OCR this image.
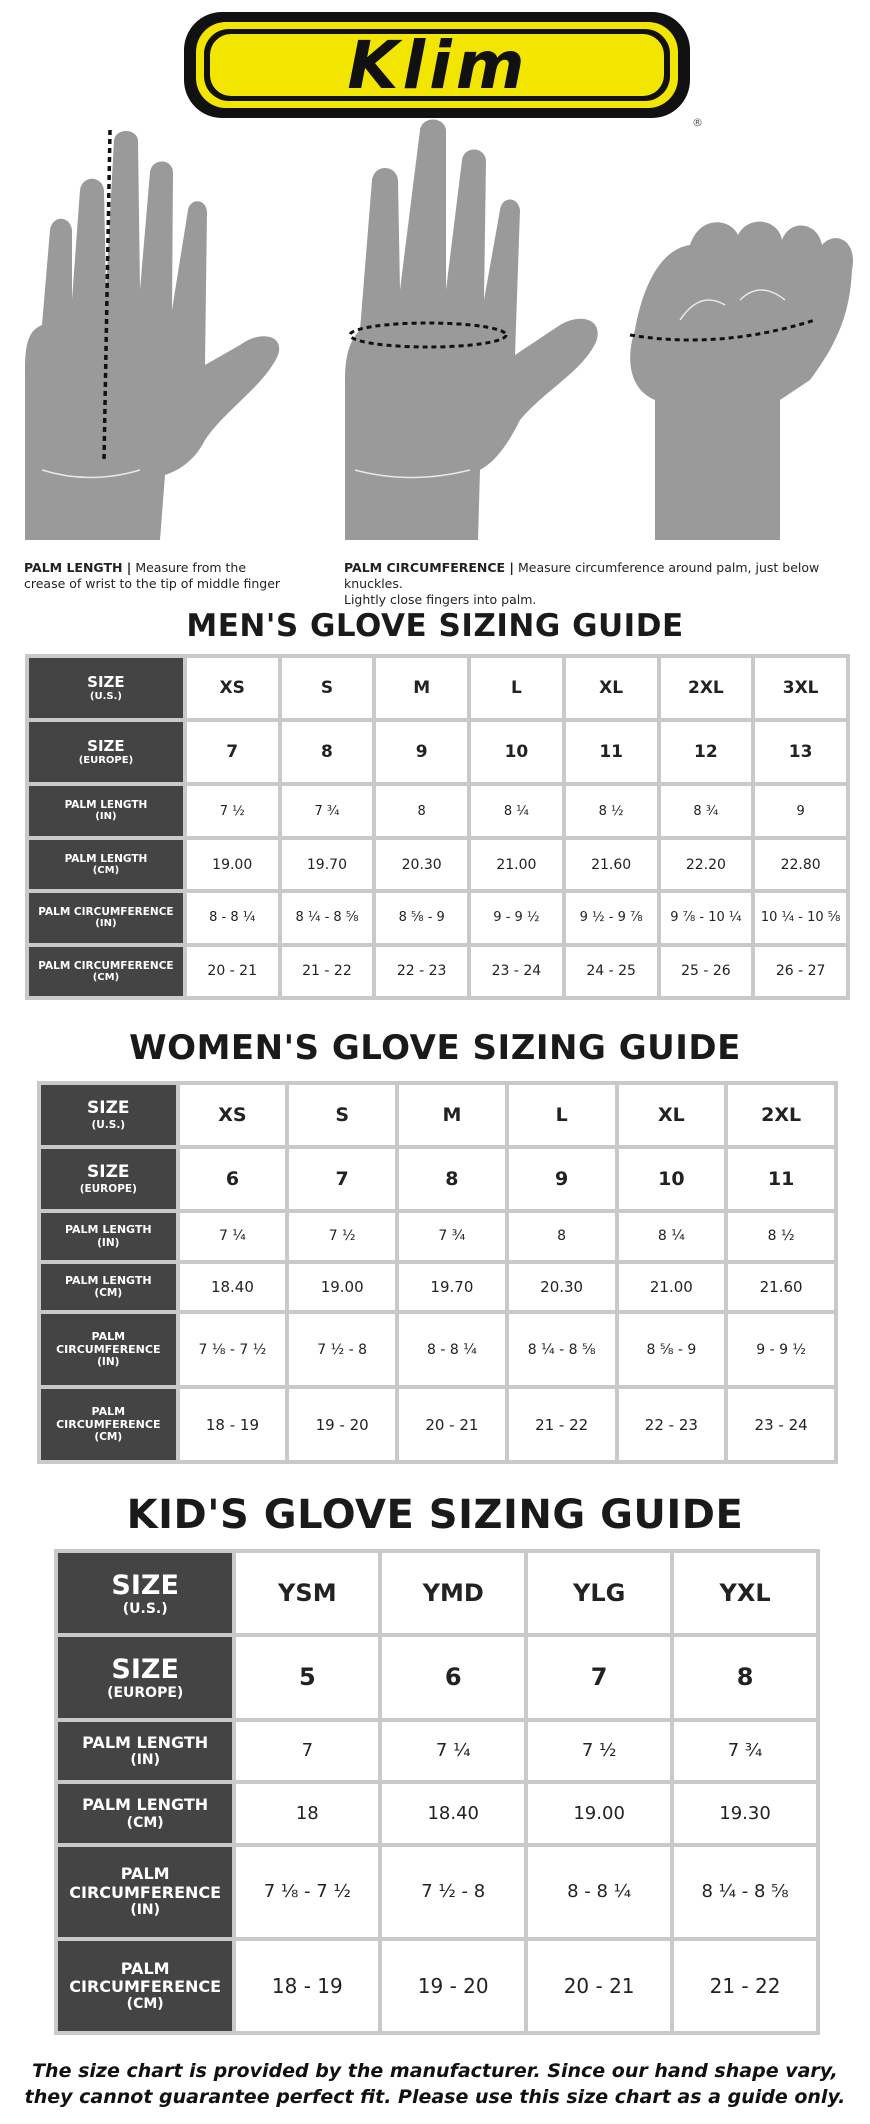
Klim
®
PALM LENGTH | Measure from the
crease of wrist to the tip of middle finger
PALM CIRCUMFERENCE | Measure circumference around palm, just below knuckles.
Lightly close fingers into palm.
MEN'S GLOVE SIZING GUIDE
SIZE
(U.S.)	XS	S	M	L	XL	2XL	3XL

SIZE
(EUROPE)	7	8	9	10	11	12	13

PALM LENGTH
(IN)	7 ½	7 ¾	8	8 ¼	8 ½	8 ¾	9

PALM LENGTH
(CM)	19.00	19.70	20.30	21.00	21.60	22.20	22.80

PALM CIRCUMFERENCE
(IN)	8 - 8 ¼	8 ¼ - 8 ⅝	8 ⅝ - 9	9 - 9 ½	9 ½ - 9 ⅞	9 ⅞ - 10 ¼	10 ¼ - 10 ⅝

PALM CIRCUMFERENCE
(CM)	20 - 21	21 - 22	22 - 23	23 - 24	24 - 25	25 - 26	26 - 27
WOMEN'S GLOVE SIZING GUIDE
SIZE
(U.S.)	XS	S	M	L	XL	2XL

SIZE
(EUROPE)	6	7	8	9	10	11

PALM LENGTH
(IN)	7 ¼	7 ½	7 ¾	8	8 ¼	8 ½

PALM LENGTH
(CM)	18.40	19.00	19.70	20.30	21.00	21.60

PALM CIRCUMFERENCE
(IN)	7 ⅛ - 7 ½	7 ½ - 8	8 - 8 ¼	8 ¼ - 8 ⅝	8 ⅝ - 9	9 - 9 ½

PALM CIRCUMFERENCE
(CM)	18 - 19	19 - 20	20 - 21	21 - 22	22 - 23	23 - 24
KID'S GLOVE SIZING GUIDE
SIZE
(U.S.)	YSM	YMD	YLG	YXL

SIZE
(EUROPE)	5	6	7	8

PALM LENGTH
(IN)	7	7 ¼	7 ½	7 ¾

PALM LENGTH
(CM)	18	18.40	19.00	19.30

PALM CIRCUMFERENCE
(IN)	7 ⅛ - 7 ½	7 ½ - 8	8 - 8 ¼	8 ¼ - 8 ⅝

PALM CIRCUMFERENCE
(CM)	18 - 19	19 - 20	20 - 21	21 - 22
The size chart is provided by the manufacturer. Since our hand shape vary,
they cannot guarantee perfect fit. Please use this size chart as a guide only.
